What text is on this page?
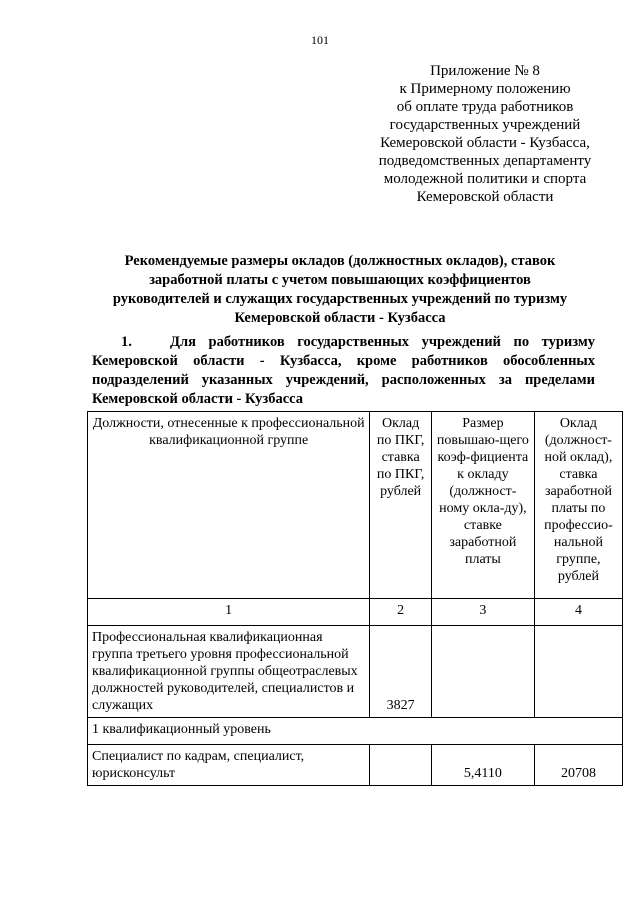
101
Приложение № 8
к Примерному положению
об оплате труда работников
государственных учреждений
Кемеровской области - Кузбасса,
подведомственных департаменту
молодежной политики и спорта
Кемеровской области
Рекомендуемые размеры окладов (должностных окладов), ставок
заработной платы с учетом повышающих коэффициентов
руководителей и служащих государственных учреждений по туризму
Кемеровской области - Кузбасса
1.	Для работников государственных учреждений по туризму
Кемеровской области - Кузбасса, кроме работников обособленных
подразделений указанных учреждений, расположенных за пределами
Кемеровской области - Кузбасса
Должности, отнесенные к профессиональной квалификационной группе	Оклад по ПКГ, ставка по ПКГ, рублей	Размер повышаю-щего коэф-фициента к окладу (должност-ному окла-ду), ставке заработной платы	Оклад (должност-ной оклад), ставка заработной платы по профессио-нальной группе, рублей
1	2	3	4
Профессиональная квалификационная группа третьего уровня профессиональной квалификационной группы общеотраслевых должностей руководителей, специалистов и служащих	3827		
1 квалификационный уровень			
Специалист по кадрам, специалист, юрисконсульт		5,4110	20708
